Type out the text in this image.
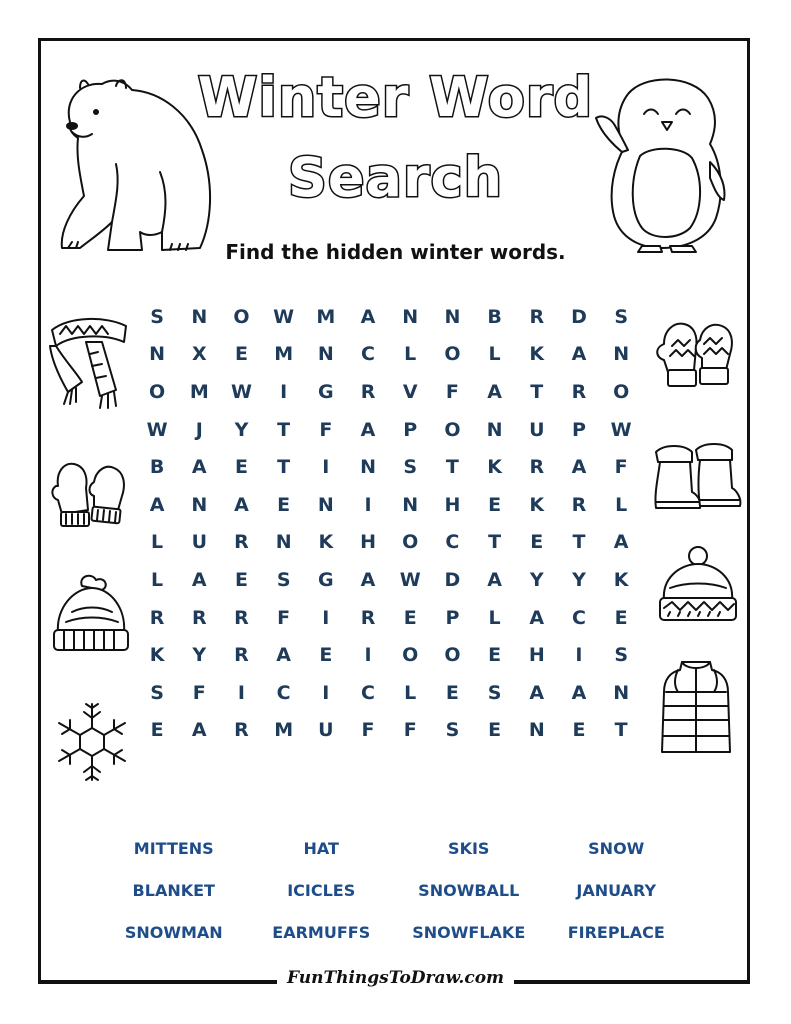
Winter Word
Search
Find the hidden winter words.
S	N	O	W	M	A	N	N	B	R	D	S
N	X	E	M	N	C	L	O	L	K	A	N
O	M	W	I	G	R	V	F	A	T	R	O
W	J	Y	T	F	A	P	O	N	U	P	W
B	A	E	T	I	N	S	T	K	R	A	F
A	N	A	E	N	I	N	H	E	K	R	L
L	U	R	N	K	H	O	C	T	E	T	A
L	A	E	S	G	A	W	D	A	Y	Y	K
R	R	R	F	I	R	E	P	L	A	C	E
K	Y	R	A	E	I	O	O	E	H	I	S
S	F	I	C	I	C	L	E	S	A	A	N
E	A	R	M	U	F	F	S	E	N	E	T
MITTENS	HAT	SKIS	SNOW
BLANKET	ICICLES	SNOWBALL	JANUARY
SNOWMAN	EARMUFFS	SNOWFLAKE	FIREPLACE
FunThingsToDraw.com
